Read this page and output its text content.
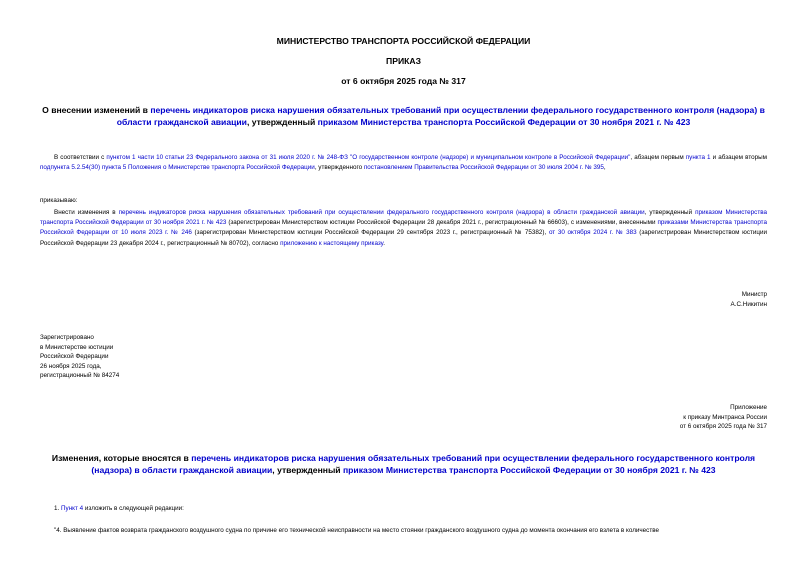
МИНИСТЕРСТВО ТРАНСПОРТА РОССИЙСКОЙ ФЕДЕРАЦИИ
ПРИКАЗ
от 6 октября 2025 года № 317
О внесении изменений в перечень индикаторов риска нарушения обязательных требований при осуществлении федерального государственного контроля (надзора) в области гражданской авиации, утвержденный приказом Министерства транспорта Российской Федерации от 30 ноября 2021 г. № 423
В соответствии с пунктом 1 части 10 статьи 23 Федерального закона от 31 июля 2020 г. № 248-ФЗ "О государственном контроле (надзоре) и муниципальном контроле в Российской Федерации", абзацем первым пункта 1 и абзацем вторым подпункта 5.2.54(30) пункта 5 Положения о Министерстве транспорта Российской Федерации, утвержденного постановлением Правительства Российской Федерации от 30 июля 2004 г. № 395,
приказываю:
Внести изменения в перечень индикаторов риска нарушения обязательных требований при осуществлении федерального государственного контроля (надзора) в области гражданской авиации, утвержденный приказом Министерства транспорта Российской Федерации от 30 ноября 2021 г. № 423 (зарегистрирован Министерством юстиции Российской Федерации 28 декабря 2021 г., регистрационный № 66603), с изменениями, внесенными приказами Министерства транспорта Российской Федерации от 10 июля 2023 г. № 246 (зарегистрирован Министерством юстиции Российской Федерации 29 сентября 2023 г., регистрационный № 75382), от 30 октября 2024 г. № 383 (зарегистрирован Министерством юстиции Российской Федерации 23 декабря 2024 г., регистрационный № 80702), согласно приложению к настоящему приказу.
Министр
А.С.Никитин
Зарегистрировано
в Министерстве юстиции
Российской Федерации
26 ноября 2025 года,
регистрационный № 84274
Приложение
к приказу Минтранса России
от 6 октября 2025 года № 317
Изменения, которые вносятся в перечень индикаторов риска нарушения обязательных требований при осуществлении федерального государственного контроля (надзора) в области гражданской авиации, утвержденный приказом Министерства транспорта Российской Федерации от 30 ноября 2021 г. № 423
1. Пункт 4 изложить в следующей редакции:
"4. Выявление фактов возврата гражданского воздушного судна по причине его технической неисправности на место стоянки гражданского воздушного судна до момента окончания его взлета в количестве
